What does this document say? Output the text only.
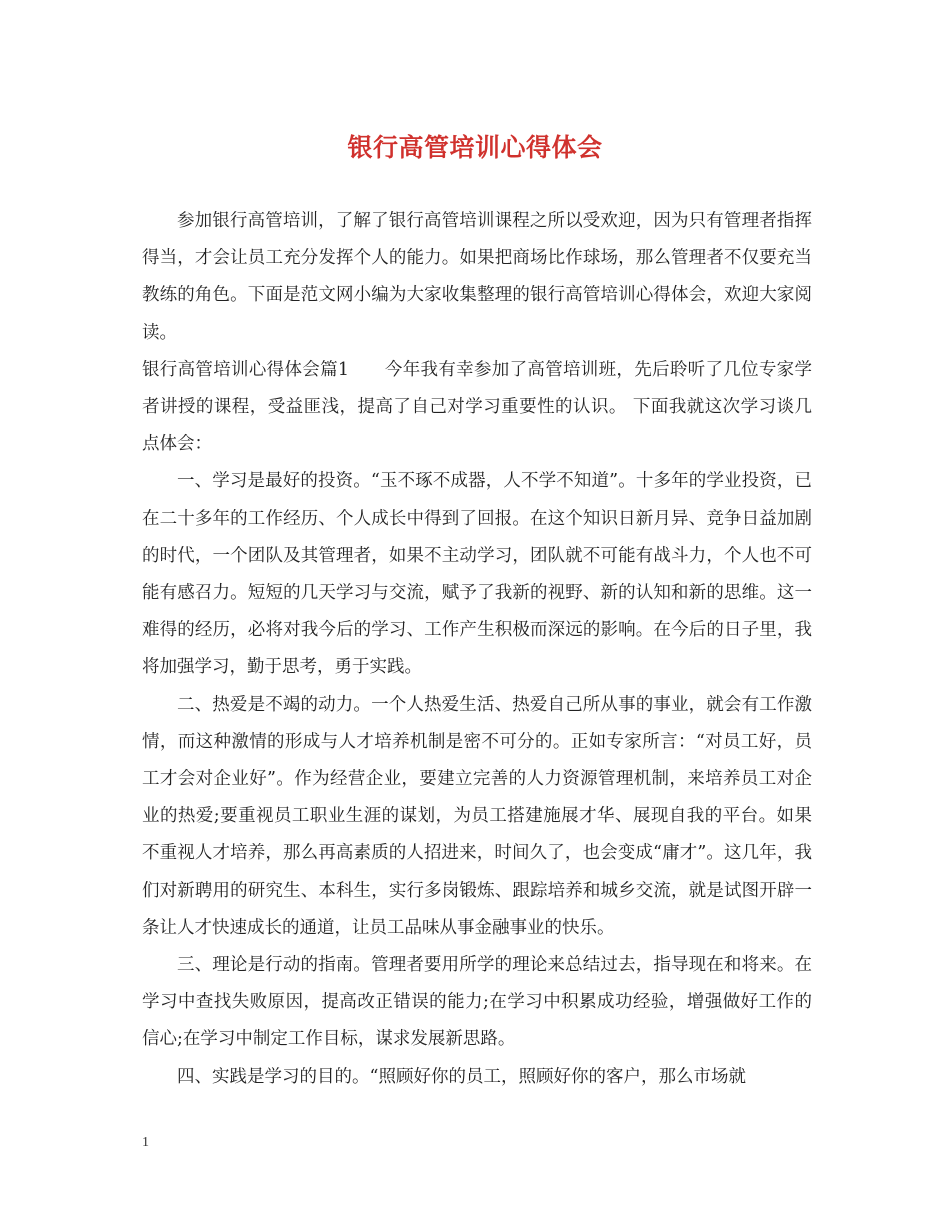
银行高管培训心得体会

参加银行高管培训，了解了银行高管培训课程之所以受欢迎，因为只有管理者指挥得当，才会让员工充分发挥个人的能力。如果把商场比作球场，那么管理者不仅要充当教练的角色。下面是范文网小编为大家收集整理的银行高管培训心得体会，欢迎大家阅读。

银行高管培训心得体会篇1　　今年我有幸参加了高管培训班，先后聆听了几位专家学者讲授的课程，受益匪浅，提高了自己对学习重要性的认识。 下面我就这次学习谈几点体会：

一、学习是最好的投资。“玉不琢不成器，人不学不知道”。十多年的学业投资，已在二十多年的工作经历、个人成长中得到了回报。在这个知识日新月异、竞争日益加剧的时代，一个团队及其管理者，如果不主动学习，团队就不可能有战斗力，个人也不可能有感召力。短短的几天学习与交流，赋予了我新的视野、新的认知和新的思维。这一难得的经历，必将对我今后的学习、工作产生积极而深远的影响。在今后的日子里，我将加强学习，勤于思考，勇于实践。

二、热爱是不竭的动力。一个人热爱生活、热爱自己所从事的事业，就会有工作激情，而这种激情的形成与人才培养机制是密不可分的。正如专家所言：“对员工好，员工才会对企业好”。作为经营企业，要建立完善的人力资源管理机制，来培养员工对企业的热爱;要重视员工职业生涯的谋划，为员工搭建施展才华、展现自我的平台。如果不重视人才培养，那么再高素质的人招进来，时间久了，也会变成“庸才”。这几年，我们对新聘用的研究生、本科生，实行多岗锻炼、跟踪培养和城乡交流，就是试图开辟一条让人才快速成长的通道，让员工品味从事金融事业的快乐。

三、理论是行动的指南。管理者要用所学的理论来总结过去，指导现在和将来。在学习中查找失败原因，提高改正错误的能力;在学习中积累成功经验，增强做好工作的信心;在学习中制定工作目标，谋求发展新思路。

四、实践是学习的目的。“照顾好你的员工，照顾好你的客户，那么市场就

1
